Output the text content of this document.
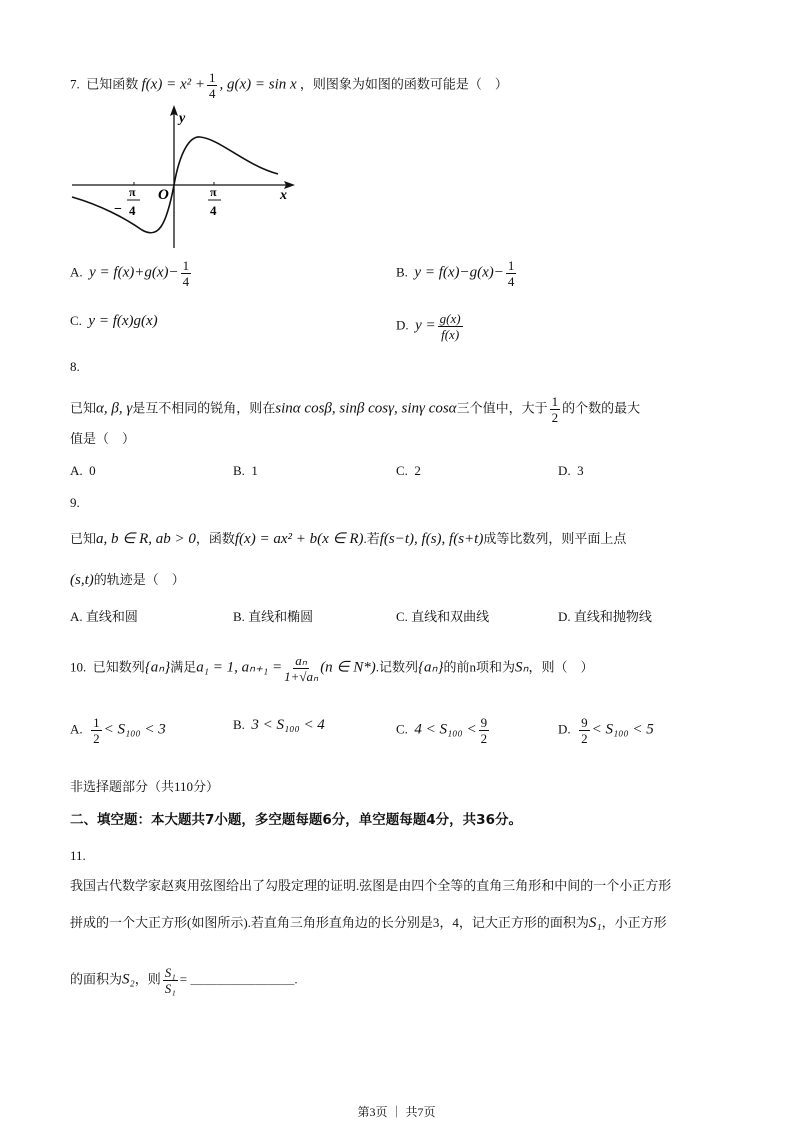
7. 已知函数 $f(x) = x^2 + \frac{1}{4}$ , g(x) = sin x ，则图象为如图的函数可能是（　）
y
x
O
−
π
4
π
4
A. $y = f(x)+g(x)- \frac{1}{4}$	B. $y = f(x)-g(x)- \frac{1}{4}$
C. y = f(x)g(x)	D. $y = \frac{g(x)}{f(x)}$
8.
已知α, β, γ是互不相同的锐角，则在sinα cosβ, sinβ cosγ, sinγ cosα三个值中，大于 $\frac{1}{2}$ 的个数的最大
值是（　）
A. 0	B. 1	C. 2	D. 3
9.
已知a, b ∈ R, ab > 0，函数f(x) = ax² + b(x ∈ R).若f(s−t), f(s), f(s+t)成等比数列，则平面上点
(s,t)的轨迹是（　）
A. 直线和圆	B. 直线和椭圆	C. 直线和双曲线	D. 直线和抛物线
10. 已知数列{aₙ}满足a₁ = 1, $a_{n+1} = \frac{\text{aₙ}}{\text{1+√aₙ}} (n$ ∈ N*).记数列{aₙ}的前n项和为Sₙ，则（　）
A. $\frac{1}{2} < S_{100} < 3$	B. 3 < S₁₀₀ < 4	C. $4 < S_{100} < \frac{9}{2}$	D. $\frac{9}{2} < S_{100} < 5$
非选择题部分（共110分）
二、填空题：本大题共7小题，多空题每题6分，单空题每题4分，共36分。
11.
我国古代数学家赵爽用弦图给出了勾股定理的证明.弦图是由四个全等的直角三角形和中间的一个小正方形
拼成的一个大正方形(如图所示).若直角三角形直角边的长分别是3，4，记大正方形的面积为S₁，小正方形
的面积为S₂，则 $\frac{\text{S₁}}{\text{S₁}}$ = ＿＿＿＿＿＿＿＿.
第3页 ｜ 共7页
